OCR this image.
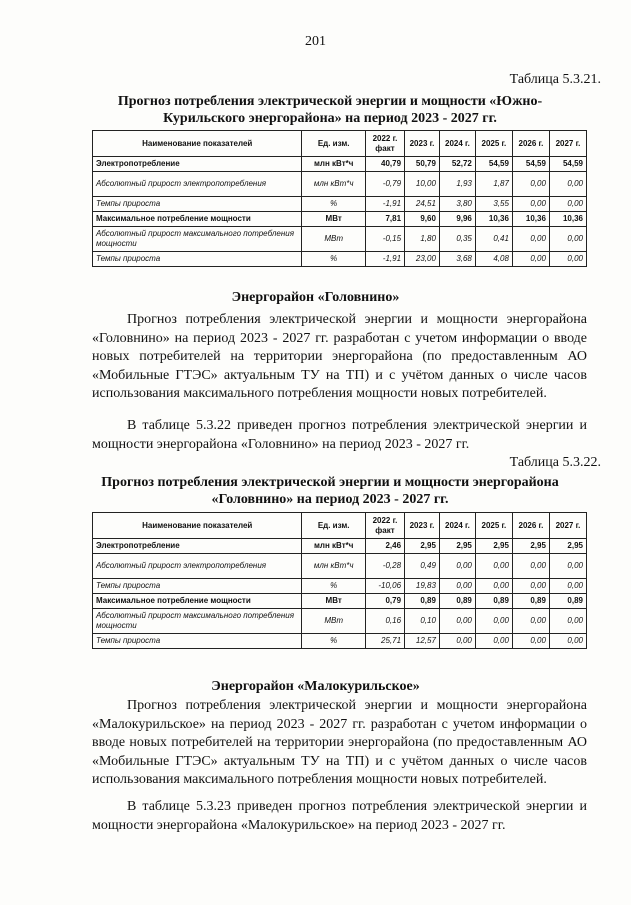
201
Таблица 5.3.21.
Прогноз потребления электрической энергии и мощности «Южно-
Курильского энергорайона» на период 2023 - 2027 гг.
Наименование показателей	Ед. изм.	2022 г. факт	2023 г.	2024 г.	2025 г.	2026 г.	2027 г.
Электропотребление	млн кВт*ч	40,79	50,79	52,72	54,59	54,59	54,59
Абсолютный прирост электропотребления	млн кВт*ч	-0,79	10,00	1,93	1,87	0,00	0,00
Темпы прироста	%	-1,91	24,51	3,80	3,55	0,00	0,00
Максимальное потребление мощности	МВт	7,81	9,60	9,96	10,36	10,36	10,36
Абсолютный прирост максимального потребления мощности	МВт	-0,15	1,80	0,35	0,41	0,00	0,00
Темпы прироста	%	-1,91	23,00	3,68	4,08	0,00	0,00
Энергорайон «Головнино»

Прогноз потребления электрической энергии и мощности энергорайона «Головнино» на период 2023 - 2027 гг. разработан с учетом информации о вводе новых потребителей на территории энергорайона (по предоставленным АО «Мобильные ГТЭС» актуальным ТУ на ТП) и с учётом данных о числе часов использования максимального потребления мощности новых потребителей.

В таблице 5.3.22 приведен прогноз потребления электрической энергии и мощности энергорайона «Головнино» на период 2023 - 2027 гг.

Таблица 5.3.22.
Прогноз потребления электрической энергии и мощности энергорайона
«Головнино» на период 2023 - 2027 гг.
Наименование показателей	Ед. изм.	2022 г. факт	2023 г.	2024 г.	2025 г.	2026 г.	2027 г.
Электропотребление	млн кВт*ч	2,46	2,95	2,95	2,95	2,95	2,95
Абсолютный прирост электропотребления	млн кВт*ч	-0,28	0,49	0,00	0,00	0,00	0,00
Темпы прироста	%	-10,06	19,83	0,00	0,00	0,00	0,00
Максимальное потребление мощности	МВт	0,79	0,89	0,89	0,89	0,89	0,89
Абсолютный прирост максимального потребления мощности	МВт	0,16	0,10	0,00	0,00	0,00	0,00
Темпы прироста	%	25,71	12,57	0,00	0,00	0,00	0,00
Энергорайон «Малокурильское»

Прогноз потребления электрической энергии и мощности энергорайона «Малокурильское» на период 2023 - 2027 гг. разработан с учетом информации о вводе новых потребителей на территории энергорайона (по предоставленным АО «Мобильные ГТЭС» актуальным ТУ на ТП) и с учётом данных о числе часов использования максимального потребления мощности новых потребителей.

В таблице 5.3.23 приведен прогноз потребления электрической энергии и мощности энергорайона «Малокурильское» на период 2023 - 2027 гг.
